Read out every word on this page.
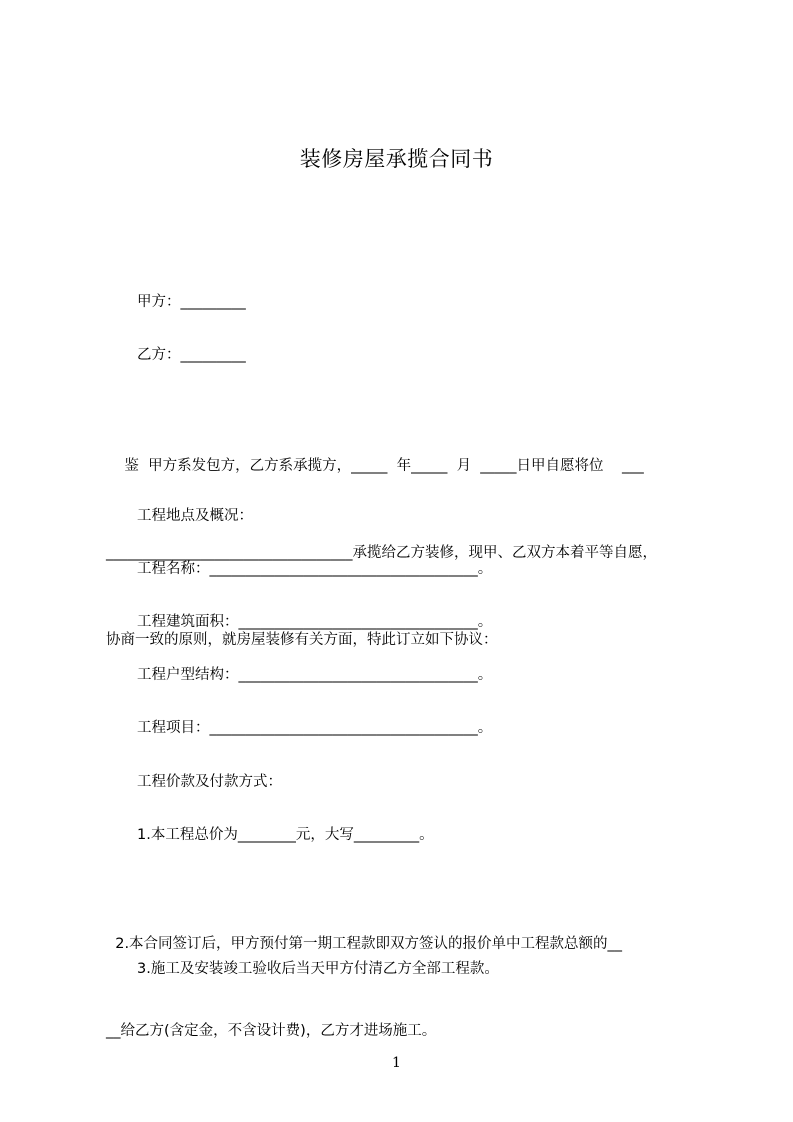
装修房屋承揽合同书
甲方：_________
乙方：_________

鉴  甲方系发包方，乙方系承揽方，_____  年_____  月  _____日甲自愿将位    ___

__________________________________承揽给乙方装修，现甲、乙双方本着平等自愿，

协商一致的原则，就房屋装修有关方面，特此订立如下协议：

工程地点及概况：
工程名称：_____________________________________。
工程建筑面积：_________________________________。
工程户型结构：_________________________________。
工程项目：_____________________________________。
工程价款及付款方式：
1.本工程总价为________元，大写_________。

2.本合同签订后，甲方预付第一期工程款即双方签认的报价单中工程款总额的__

__给乙方(含定金，不含设计费)，乙方才进场施工。

3.施工及安装竣工验收后当天甲方付清乙方全部工程款。
1
